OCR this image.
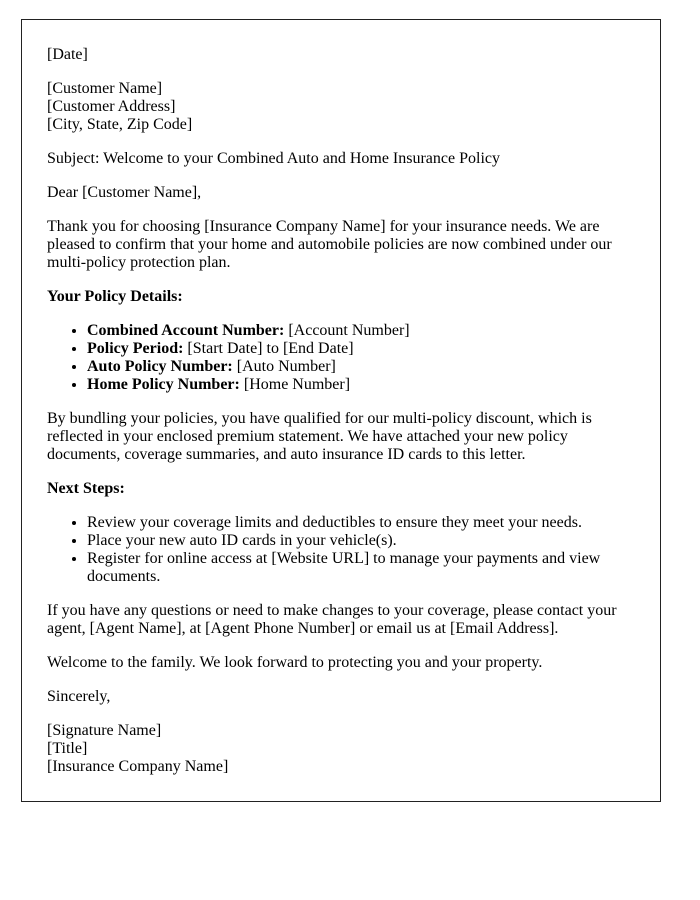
[Date]

[Customer Name]
[Customer Address]
[City, State, Zip Code]

Subject: Welcome to your Combined Auto and Home Insurance Policy

Dear [Customer Name],

Thank you for choosing [Insurance Company Name] for your insurance needs. We are pleased to confirm that your home and automobile policies are now combined under our multi-policy protection plan.

Your Policy Details:

• Combined Account Number: [Account Number]
• Policy Period: [Start Date] to [End Date]
• Auto Policy Number: [Auto Number]
• Home Policy Number: [Home Number]

By bundling your policies, you have qualified for our multi-policy discount, which is reflected in your enclosed premium statement. We have attached your new policy documents, coverage summaries, and auto insurance ID cards to this letter.

Next Steps:

• Review your coverage limits and deductibles to ensure they meet your needs.
• Place your new auto ID cards in your vehicle(s).
• Register for online access at [Website URL] to manage your payments and view documents.

If you have any questions or need to make changes to your coverage, please contact your agent, [Agent Name], at [Agent Phone Number] or email us at [Email Address].

Welcome to the family. We look forward to protecting you and your property.

Sincerely,

[Signature Name]
[Title]
[Insurance Company Name]
